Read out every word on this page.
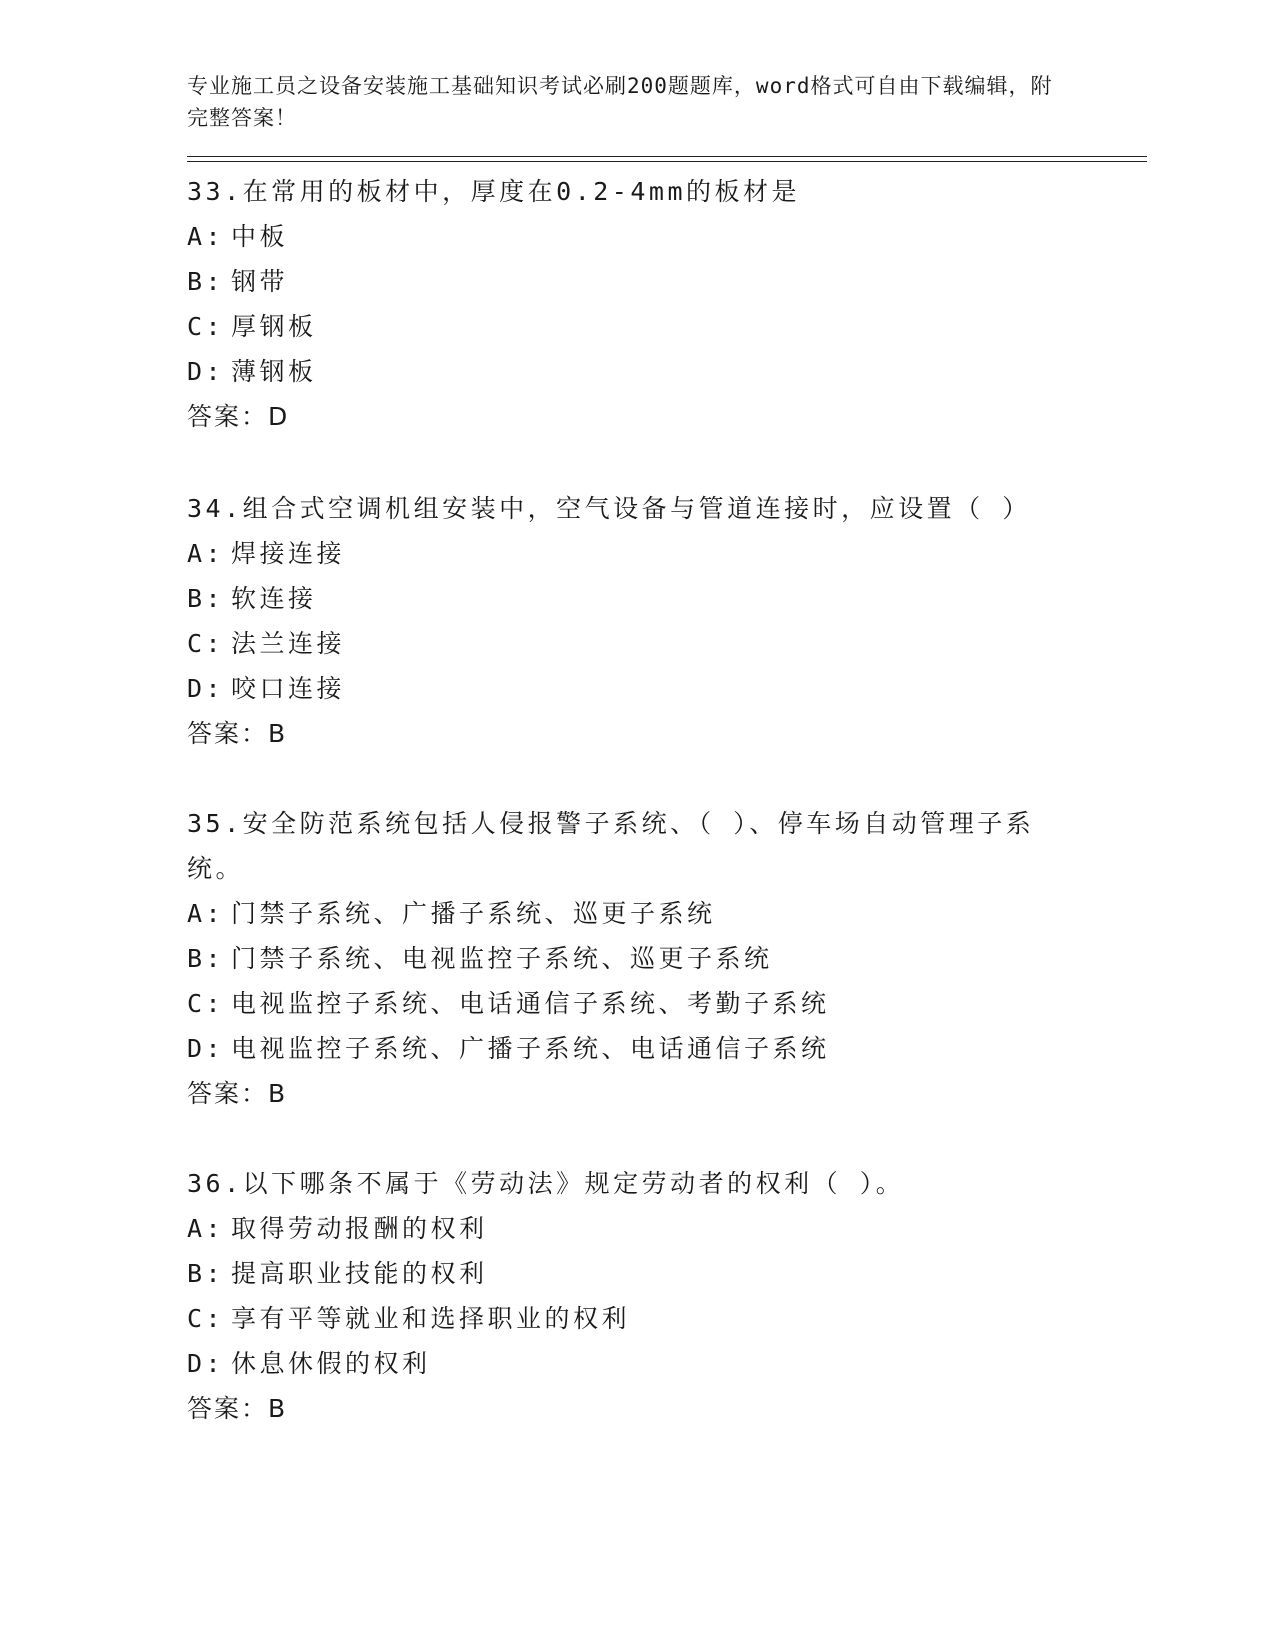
专业施工员之设备安装施工基础知识考试必刷200题题库，word格式可自由下载编辑，附完整答案！

33.在常用的板材中，厚度在0.2-4mm的板材是

A: 中板

B: 钢带

C: 厚钢板

D: 薄钢板

答案：D

34.组合式空调机组安装中，空气设备与管道连接时，应设置（ ）

A: 焊接连接

B: 软连接

C: 法兰连接

D: 咬口连接

答案：B

35.安全防范系统包括人侵报警子系统、（ ）、停车场自动管理子系统。

A: 门禁子系统、广播子系统、巡更子系统

B: 门禁子系统、电视监控子系统、巡更子系统

C: 电视监控子系统、电话通信子系统、考勤子系统

D: 电视监控子系统、广播子系统、电话通信子系统

答案：B

36.以下哪条不属于《劳动法》规定劳动者的权利（ ）。

A: 取得劳动报酬的权利

B: 提高职业技能的权利

C: 享有平等就业和选择职业的权利

D: 休息休假的权利

答案：B
